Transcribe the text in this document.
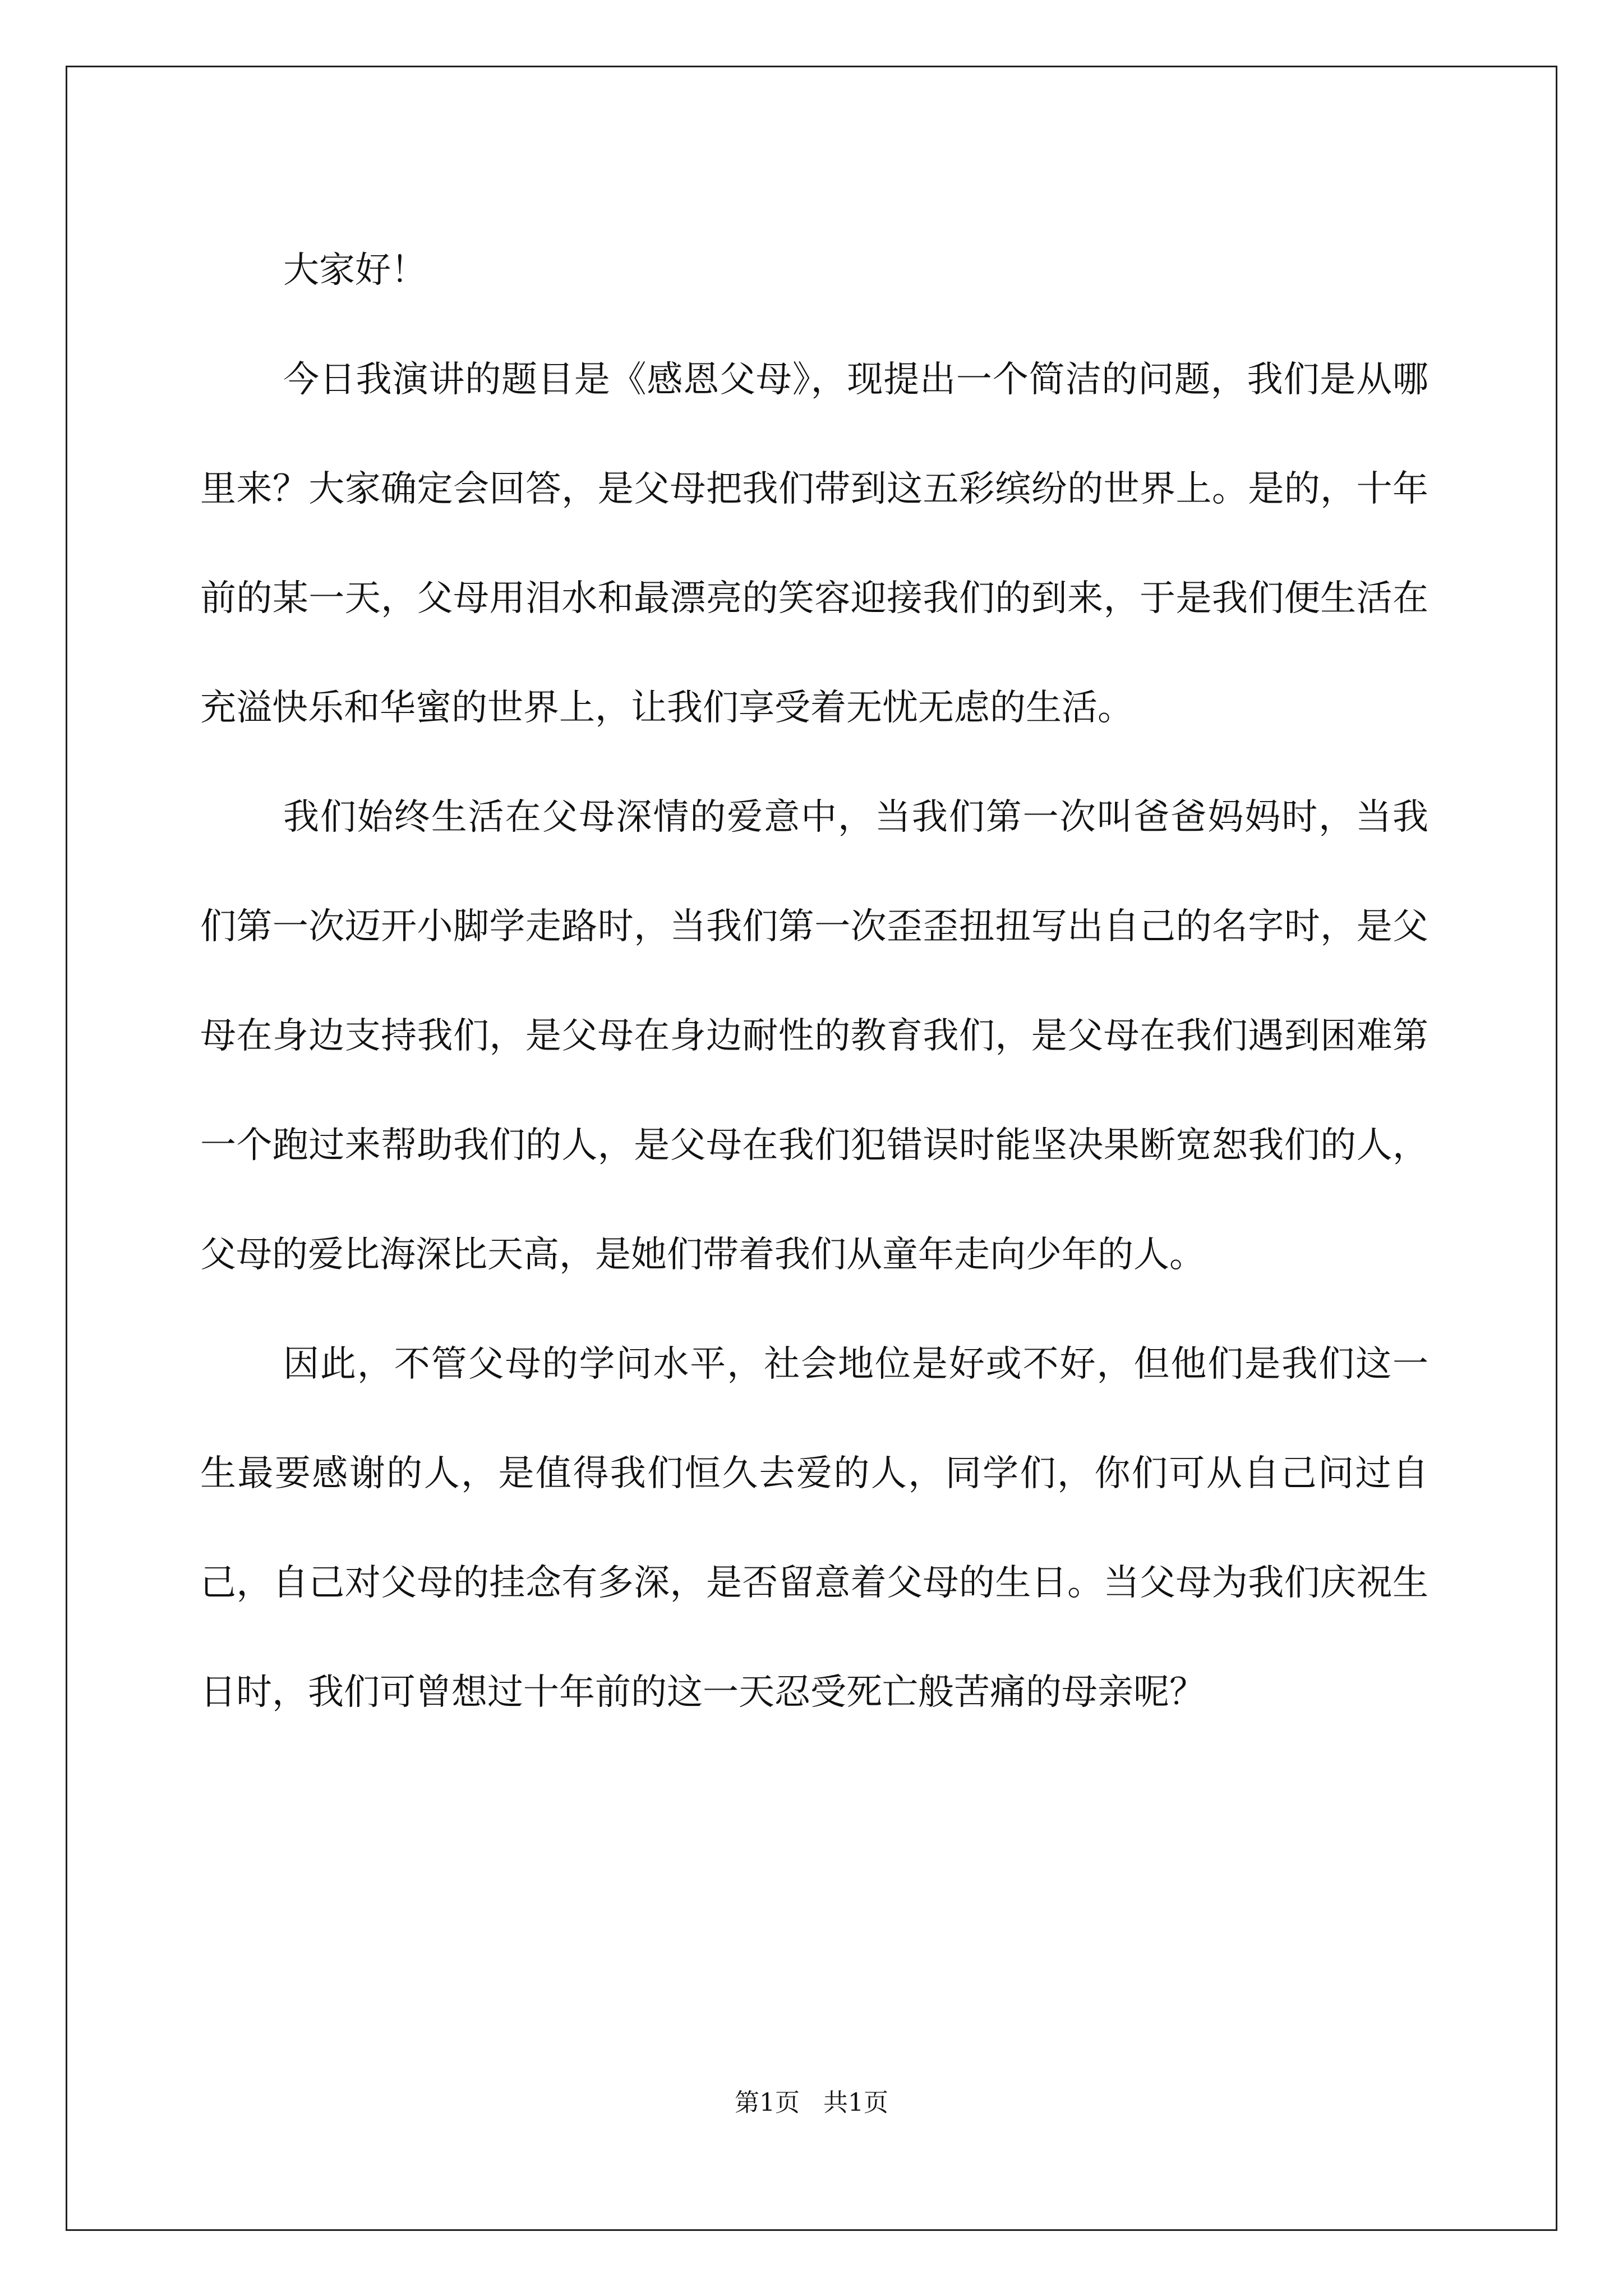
大家好！

今日我演讲的题目是《感恩父母》，现提出一个简洁的问题，我们是从哪里来？大家确定会回答，是父母把我们带到这五彩缤纷的世界上。是的，十年前的某一天，父母用泪水和最漂亮的笑容迎接我们的到来，于是我们便生活在充溢快乐和华蜜的世界上，让我们享受着无忧无虑的生活。

我们始终生活在父母深情的爱意中，当我们第一次叫爸爸妈妈时，当我们第一次迈开小脚学走路时，当我们第一次歪歪扭扭写出自己的名字时，是父母在身边支持我们，是父母在身边耐性的教育我们，是父母在我们遇到困难第一个跑过来帮助我们的人，是父母在我们犯错误时能坚决果断宽恕我们的人，父母的爱比海深比天高，是她们带着我们从童年走向少年的人。

因此，不管父母的学问水平，社会地位是好或不好，但他们是我们这一生最要感谢的人，是值得我们恒久去爱的人，同学们，你们可从自己问过自己，自己对父母的挂念有多深，是否留意着父母的生日。当父母为我们庆祝生日时，我们可曾想过十年前的这一天忍受死亡般苦痛的母亲呢？

第1页   共1页
